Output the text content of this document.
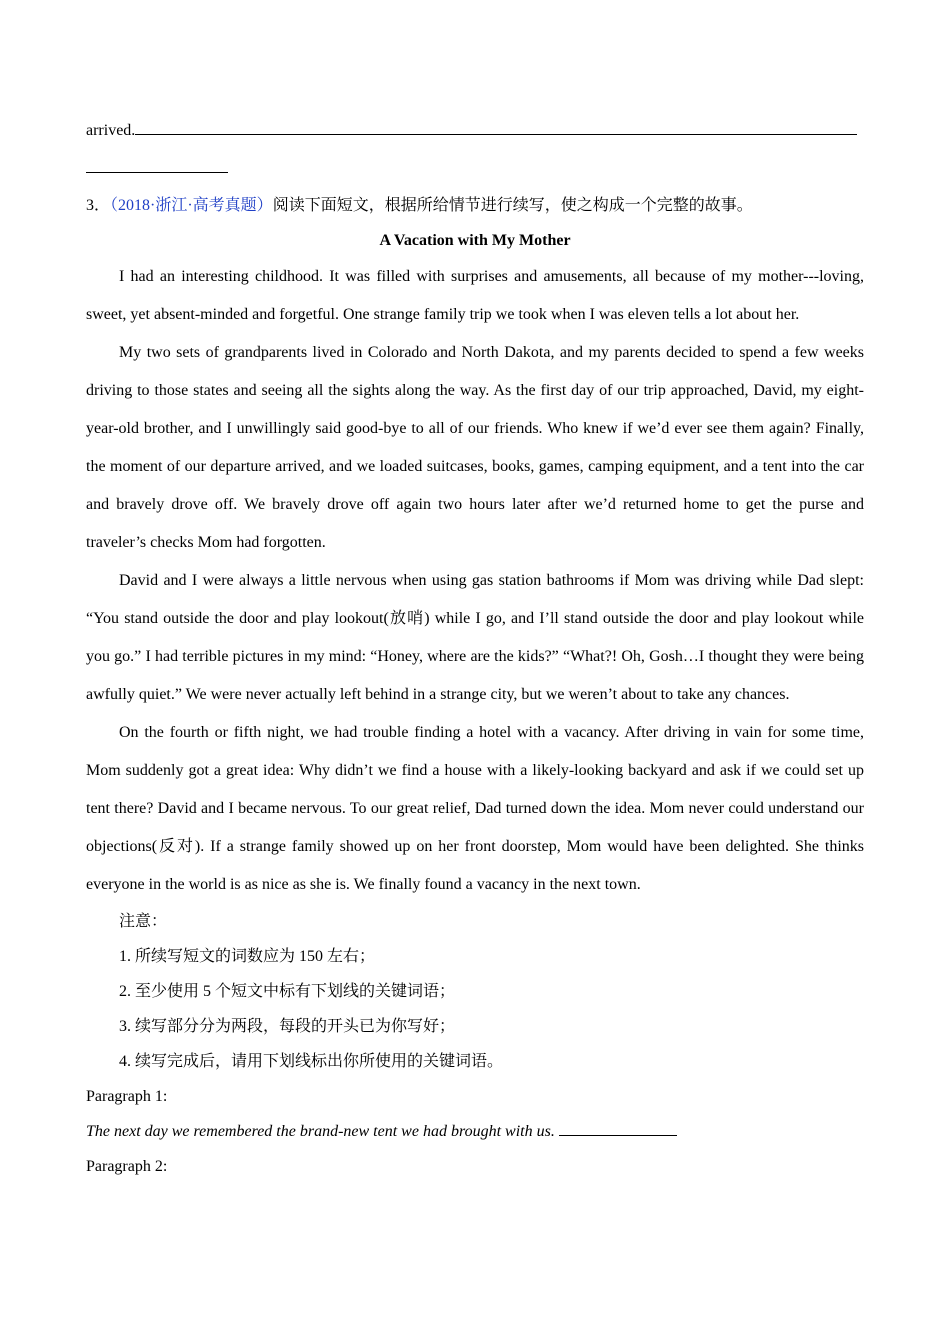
arrived.

3．（2018·浙江·高考真题）阅读下面短文，根据所给情节进行续写，使之构成一个完整的故事。

A Vacation with My Mother

I had an interesting childhood. It was filled with surprises and amusements, all because of my mother---loving, sweet, yet absent-minded and forgetful. One strange family trip we took when I was eleven tells a lot about her.

My two sets of grandparents lived in Colorado and North Dakota, and my parents decided to spend a few weeks driving to those states and seeing all the sights along the way. As the first day of our trip approached, David, my eight-year-old brother, and I unwillingly said good-bye to all of our friends. Who knew if we’d ever see them again? Finally, the moment of our departure arrived, and we loaded suitcases, books, games, camping equipment, and a tent into the car and bravely drove off. We bravely drove off again two hours later after we’d returned home to get the purse and traveler’s checks Mom had forgotten.

David and I were always a little nervous when using gas station bathrooms if Mom was driving while Dad slept: “You stand outside the door and play lookout(放哨) while I go, and I’ll stand outside the door and play lookout while you go.” I had terrible pictures in my mind: “Honey, where are the kids?” “What?! Oh, Gosh…I thought they were being awfully quiet.” We were never actually left behind in a strange city, but we weren’t about to take any chances.

On the fourth or fifth night, we had trouble finding a hotel with a vacancy. After driving in vain for some time, Mom suddenly got a great idea: Why didn’t we find a house with a likely-looking backyard and ask if we could set up tent there? David and I became nervous. To our great relief, Dad turned down the idea. Mom never could understand our objections(反对). If a strange family showed up on her front doorstep, Mom would have been delighted. She thinks everyone in the world is as nice as she is. We finally found a vacancy in the next town.

注意：

1. 所续写短文的词数应为 150 左右；

2. 至少使用 5 个短文中标有下划线的关键词语；

3. 续写部分分为两段，每段的开头已为你写好；

4. 续写完成后，请用下划线标出你所使用的关键词语。

Paragraph 1:

The next day we remembered the brand-new tent we had brought with us.

Paragraph 2:
